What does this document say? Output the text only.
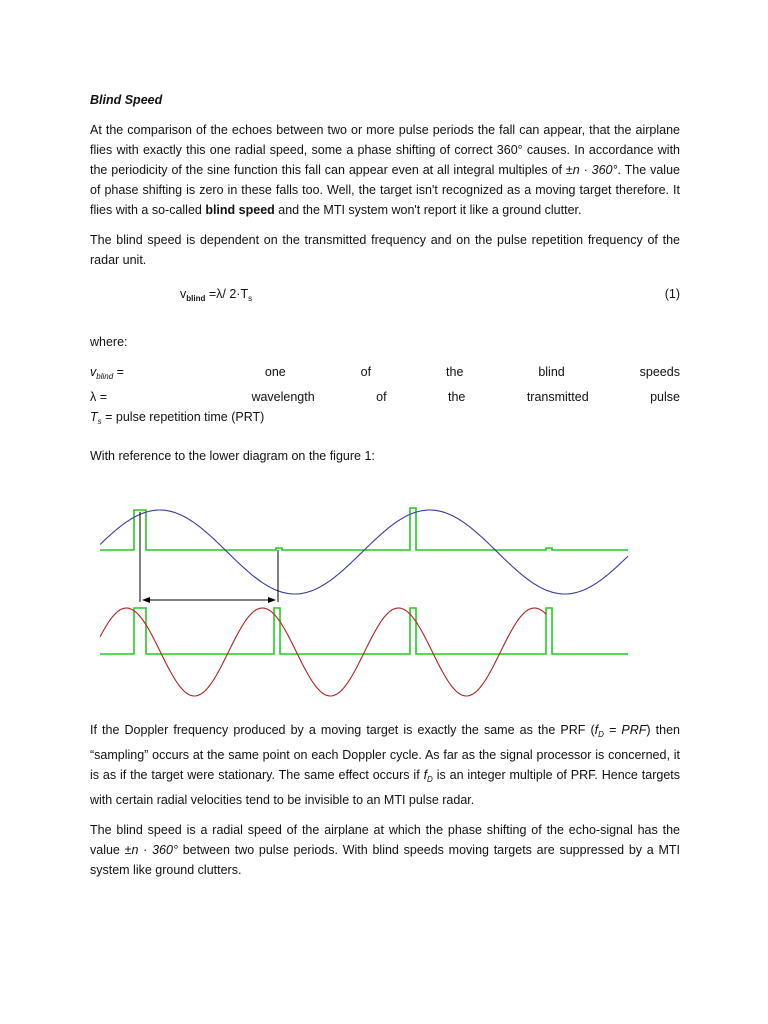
Blind Speed

At the comparison of the echoes between two or more pulse periods the fall can appear, that the airplane flies with exactly this one radial speed, some a phase shifting of correct 360° causes. In accordance with the periodicity of the sine function this fall can appear even at all integral multiples of ±n · 360°. The value of phase shifting is zero in these falls too. Well, the target isn't recognized as a moving target therefore. It flies with a so-called blind speed and the MTI system won't report it like a ground clutter.

The blind speed is dependent on the transmitted frequency and on the pulse repetition frequency of the radar unit.

$v_{blind} =\lambda/$ $2\cdot T_s$	(1)
where:
$v_{blind}$ =	one	of	the	blind	speeds
λ =	wavelength	of	the	transmitted	pulse
$T_s$ = pulse repetition time (PRT)
With reference to the lower diagram on the figure 1:

If the Doppler frequency produced by a moving target is exactly the same as the PRF $(f_D = PRF)$ then “sampling” occurs at the same point on each Doppler cycle. As far as the signal processor is concerned, it is as if the target were stationary. The same effect occurs if $f_D$ is an integer multiple of PRF. Hence targets with certain radial velocities tend to be invisible to an MTI pulse radar.

The blind speed is a radial speed of the airplane at which the phase shifting of the echo-signal has the value ±n · 360° between two pulse periods. With blind speeds moving targets are suppressed by a MTI system like ground clutters.
